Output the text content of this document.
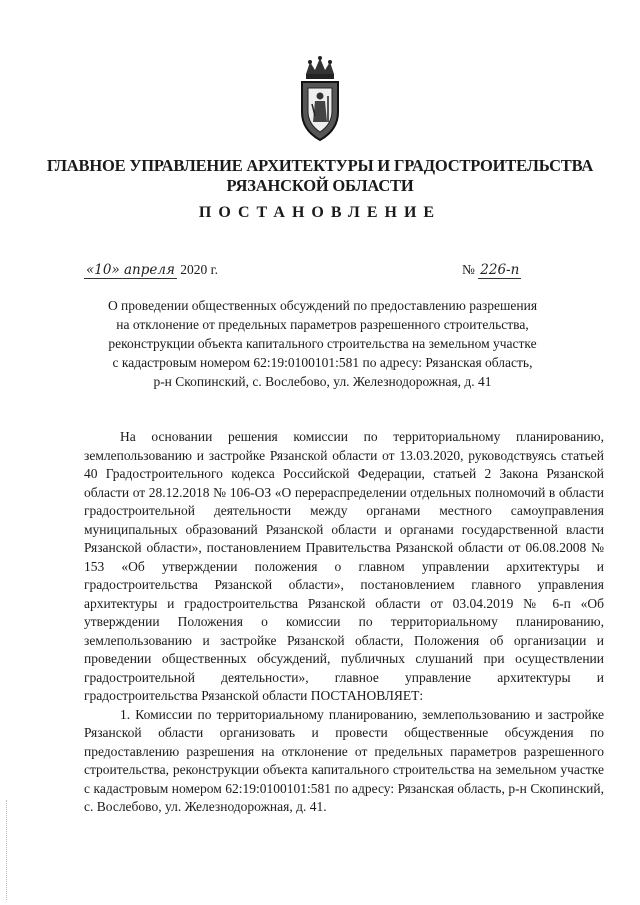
ГЛАВНОЕ УПРАВЛЕНИЕ АРХИТЕКТУРЫ И ГРАДОСТРОИТЕЛЬСТВА
РЯЗАНСКОЙ ОБЛАСТИ
ПОСТАНОВЛЕНИЕ
«10» апреля 2020 г.	№ 226-п
О проведении общественных обсуждений по предоставлению разрешения
на отклонение от предельных параметров разрешенного строительства,
реконструкции объекта капитального строительства на земельном участке
с кадастровым номером 62:19:0100101:581 по адресу: Рязанская область,
р-н Скопинский, с. Вослебово, ул. Железнодорожная, д. 41

На основании решения комиссии по территориальному планированию, землепользованию и застройке Рязанской области от 13.03.2020, руководствуясь статьей 40 Градостроительного кодекса Российской Федерации, статьей 2 Закона Рязанской области от 28.12.2018 № 106-ОЗ «О перераспределении отдельных полномочий в области градостроительной деятельности между органами местного самоуправления муниципальных образований Рязанской области и органами государственной власти Рязанской области», постановлением Правительства Рязанской области от 06.08.2008 № 153 «Об утверждении положения о главном управлении архитектуры и градостроительства Рязанской области», постановлением главного управления архитектуры и градостроительства Рязанской области от 03.04.2019 № 6-п «Об утверждении Положения о комиссии по территориальному планированию, землепользованию и застройке Рязанской области, Положения об организации и проведении общественных обсуждений, публичных слушаний при осуществлении градостроительной деятельности», главное управление архитектуры и градостроительства Рязанской области ПОСТАНОВЛЯЕТ:

1. Комиссии по территориальному планированию, землепользованию и застройке Рязанской области организовать и провести общественные обсуждения по предоставлению разрешения на отклонение от предельных параметров разрешенного строительства, реконструкции объекта капитального строительства на земельном участке с кадастровым номером 62:19:0100101:581 по адресу: Рязанская область, р-н Скопинский, с. Вослебово, ул. Железнодорожная, д. 41.
